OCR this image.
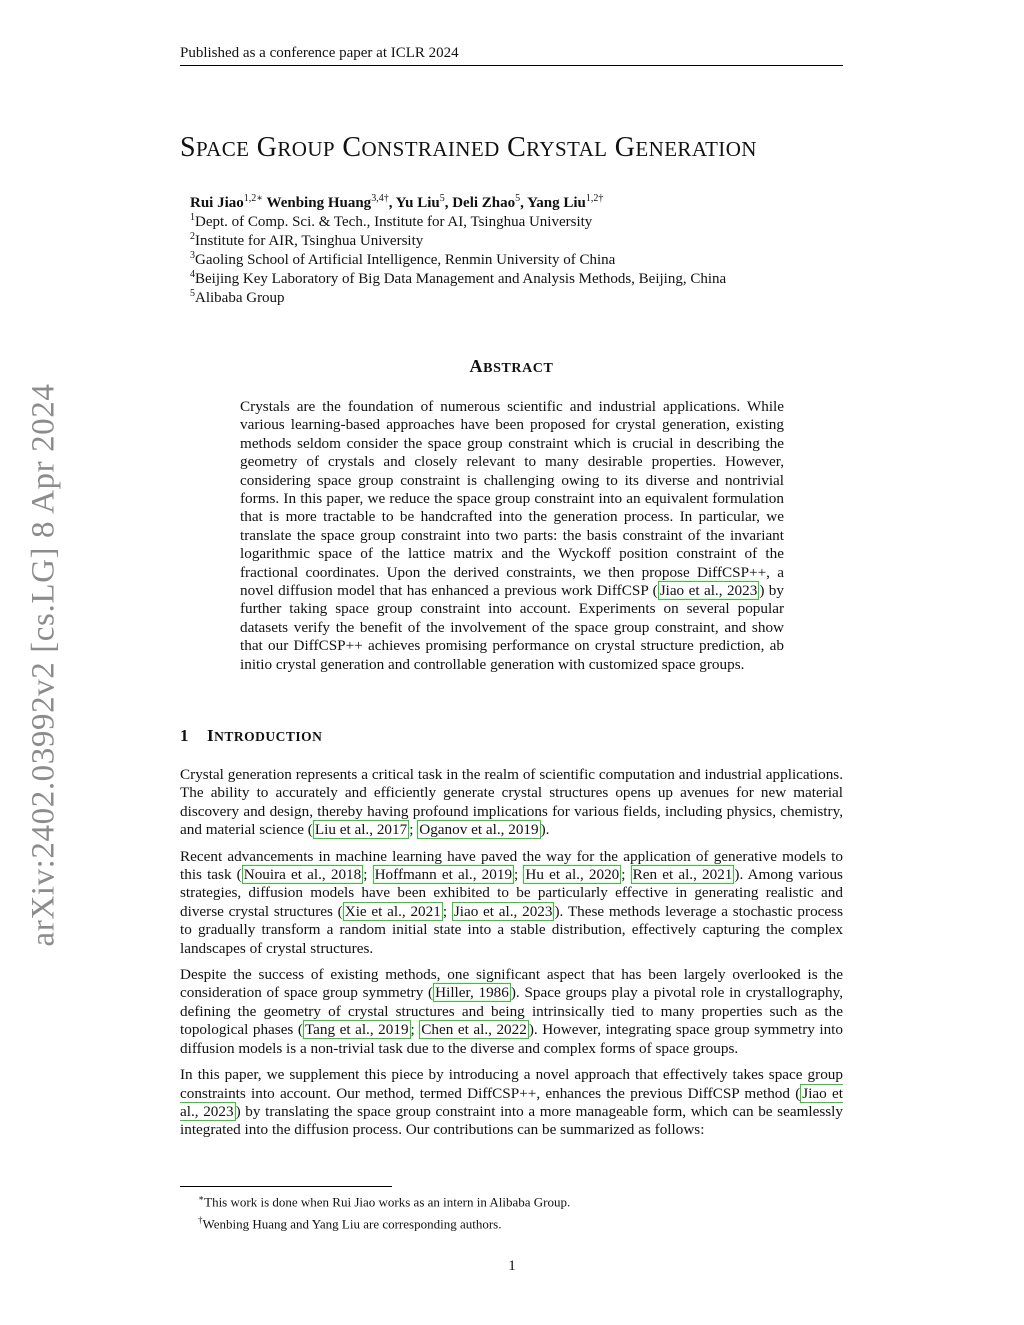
Published as a conference paper at ICLR 2024
SPACE GROUP CONSTRAINED CRYSTAL GENERATION
Rui Jiao$^{1,2∗}$ Wenbing Huang$^{3,4\dagger}$, Yu Liu$^5$, Deli Zhao$^5$, Yang Liu$^{1,2\dagger}$
$^1$Dept. of Comp. Sci. & Tech., Institute for AI, Tsinghua University
$^2$Institute for AIR, Tsinghua University
$^3$Gaoling School of Artificial Intelligence, Renmin University of China
$^4$Beijing Key Laboratory of Big Data Management and Analysis Methods, Beijing, China
$^5$Alibaba Group
arXiv:2402.03992v2 [cs.LG] 8 Apr 2024
ABSTRACT

Crystals are the foundation of numerous scientific and industrial applications. While various learning-based approaches have been proposed for crystal generation, existing methods seldom consider the space group constraint which is crucial in describing the geometry of crystals and closely relevant to many desirable properties. However, considering space group constraint is challenging owing to its diverse and nontrivial forms. In this paper, we reduce the space group constraint into an equivalent formulation that is more tractable to be handcrafted into the generation process. In particular, we translate the space group constraint into two parts: the basis constraint of the invariant logarithmic space of the lattice matrix and the Wyckoff position constraint of the fractional coordinates. Upon the derived constraints, we then propose DiffCSP++, a novel diffusion model that has enhanced a previous work DiffCSP ( Jiao et al., 2023 ) by further taking space group constraint into account. Experiments on several popular datasets verify the benefit of the involvement of the space group constraint, and show that our DiffCSP++ achieves promising performance on crystal structure prediction, ab initio crystal generation and controllable generation with customized space groups.

1 INTRODUCTION

Crystal generation represents a critical task in the realm of scientific computation and industrial applications. The ability to accurately and efficiently generate crystal structures opens up avenues for new material discovery and design, thereby having profound implications for various fields, including physics, chemistry, and material science ( Liu et al., 2017 ; Oganov et al., 2019 ).

Recent advancements in machine learning have paved the way for the application of generative models to this task ( Nouira et al., 2018 ; Hoffmann et al., 2019 ; Hu et al., 2020 ; Ren et al., 2021 ). Among various strategies, diffusion models have been exhibited to be particularly effective in generating realistic and diverse crystal structures ( Xie et al., 2021 ; Jiao et al., 2023 ). These methods leverage a stochastic process to gradually transform a random initial state into a stable distribution, effectively capturing the complex landscapes of crystal structures.

Despite the success of existing methods, one significant aspect that has been largely overlooked is the consideration of space group symmetry ( Hiller, 1986 ). Space groups play a pivotal role in crystallography, defining the geometry of crystal structures and being intrinsically tied to many properties such as the topological phases ( Tang et al., 2019 ; Chen et al., 2022 ). However, integrating space group symmetry into diffusion models is a non-trivial task due to the diverse and complex forms of space groups.

In this paper, we supplement this piece by introducing a novel approach that effectively takes space group constraints into account. Our method, termed DiffCSP++, enhances the previous DiffCSP method ( Jiao et al., 2023 ) by translating the space group constraint into a more manageable form, which can be seamlessly integrated into the diffusion process. Our contributions can be summarized as follows:

∗This work is done when Rui Jiao works as an intern in Alibaba Group.
†Wenbing Huang and Yang Liu are corresponding authors.
1
